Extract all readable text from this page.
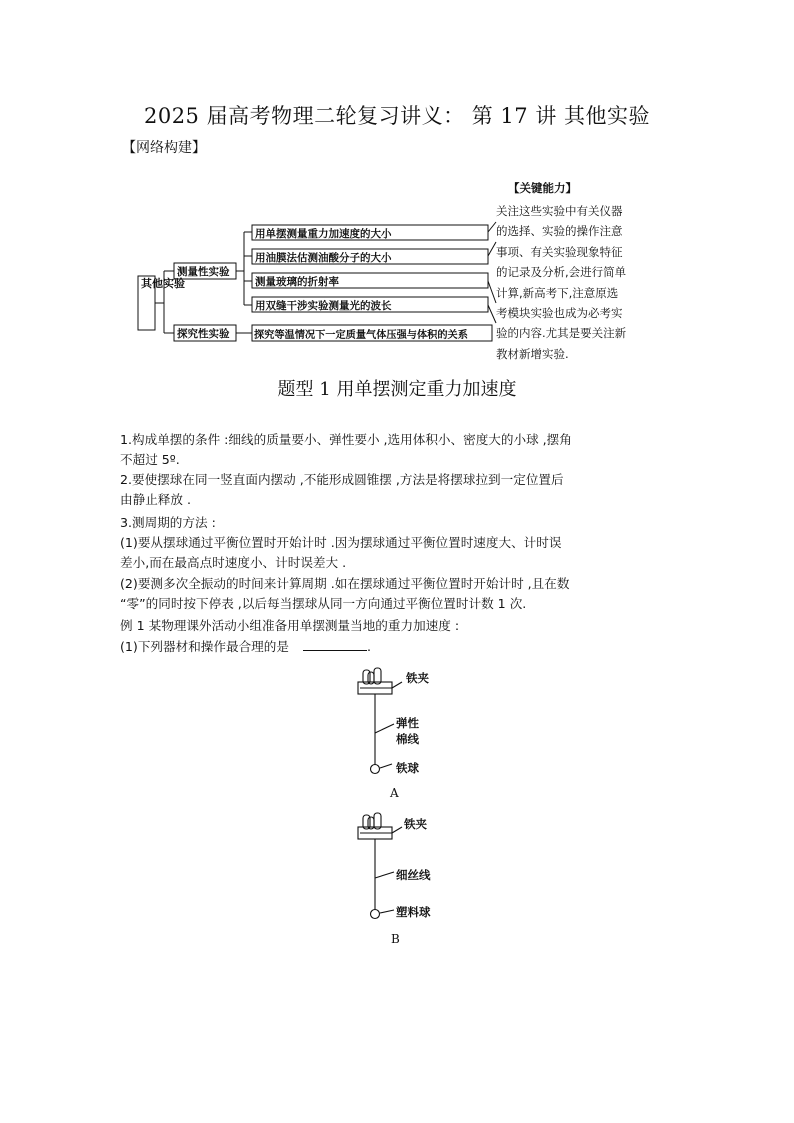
2025 届高考物理二轮复习讲义： 第 17 讲 其他实验
【网络构建】
其他实验
测量性实验
探究性实验
用单摆测量重力加速度的大小
用油膜法估测油酸分子的大小
测量玻璃的折射率
用双缝干涉实验测量光的波长
探究等温情况下一定质量气体压强与体积的关系
【关键能力】
关注这些实验中有关仪器
的选择、实验的操作注意
事项、有关实验现象特征
的记录及分析,会进行简单
计算,新高考下,注意原选
考模块实验也成为必考实
验的内容.尤其是要关注新
教材新增实验.
题型 1 用单摆测定重力加速度
1.构成单摆的条件 :细线的质量要小、弹性要小 ,选用体积小、密度大的小球 ,摆角
不超过 5º.
2.要使摆球在同一竖直面内摆动 ,不能形成圆锥摆 ,方法是将摆球拉到一定位置后
由静止释放 .
3.测周期的方法 :
(1)要从摆球通过平衡位置时开始计时 .因为摆球通过平衡位置时速度大、计时误
差小,而在最高点时速度小、计时误差大 .
(2)要测多次全振动的时间来计算周期 .如在摆球通过平衡位置时开始计时 ,且在数
“零”的同时按下停表 ,以后每当摆球从同一方向通过平衡位置时计数 1 次.
例 1 某物理课外活动小组准备用单摆测量当地的重力加速度 :
(1)下列器材和操作最合理的是	.
铁夹
弹性
棉线
铁球
A
铁夹
细丝线
塑料球
B
